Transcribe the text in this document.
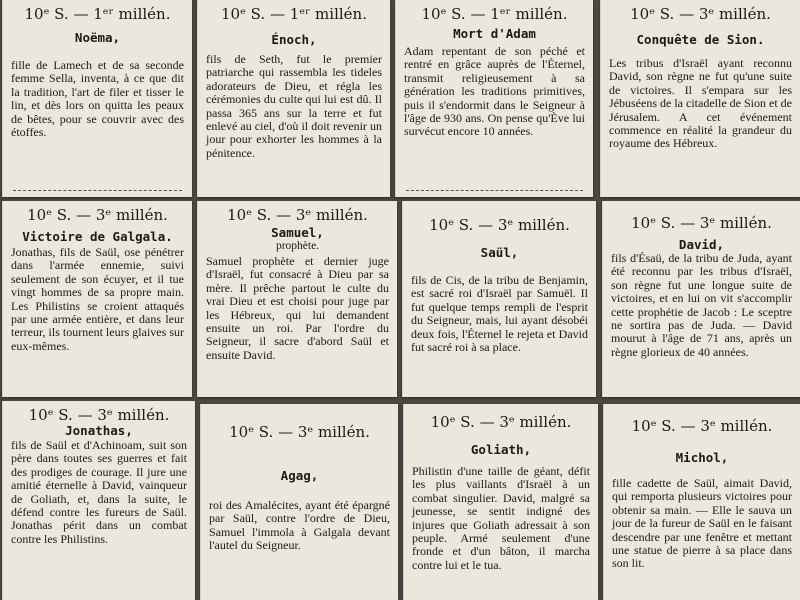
10ᵉ S. — 1ᵉʳ millén.
Noëma,
fille de Lamech et de sa seconde femme Sella, inventa, à ce que dit la tradition, l'art de filer et tisser le lin, et dès lors on quitta les peaux de bêtes, pour se couvrir avec des étoffes.
10ᵉ S. — 1ᵉʳ millén.
Énoch,
fils de Seth, fut le premier patriarche qui rassembla les tideles adorateurs de Dieu, et régla les cérémonies du culte qui lui est dû. Il passa 365 ans sur la terre et fut enlevé au ciel, d'où il doit revenir un jour pour exhorter les hommes à la pénitence.
10ᵉ S. — 1ᵉʳ millén.
Mort d'Adam
Adam repentant de son péché et rentré en grâce auprès de l'Éternel, transmit religieusement à sa génération les traditions primitives, puis il s'endormit dans le Seigneur à l'âge de 930 ans. On pense qu'Ève lui survécut encore 10 années.
10ᵉ S. — 3ᵉ millén.
Conquête de Sion.
Les tribus d'Israël ayant reconnu David, son règne ne fut qu'une suite de victoires. Il s'empara sur les Jébuséens de la citadelle de Sion et de Jérusalem. A cet événement commence en réalité la grandeur du royaume des Hébreux.
10ᵉ S. — 3ᵉ millén.
Victoire de Galgala.
Jonathas, fils de Saül, ose pénétrer dans l'armée ennemie, suivi seulement de son écuyer, et il tue vingt hommes de sa propre main. Les Philistins se croient attaqués par une armée entière, et dans leur terreur, ils tournent leurs glaives sur eux-mêmes.
10ᵉ S. — 3ᵉ millén.
Samuel,
prophète.
Samuel prophète et dernier juge d'Israël, fut consacré à Dieu par sa mère. Il prêche partout le culte du vrai Dieu et est choisi pour juge par les Hébreux, qui lui demandent ensuite un roi. Par l'ordre du Seigneur, il sacre d'abord Saül et ensuite David.
10ᵉ S. — 3ᵉ millén.
Saül,
fils de Cis, de la tribu de Benjamin, est sacré roi d'Israël par Samuël. Il fut quelque temps rempli de l'esprit du Seigneur, mais, lui ayant désobéi deux fois, l'Éternel le rejeta et David fut sacré roi à sa place.
10ᵉ S. — 3ᵉ millén.
David,
fils d'Ésaü, de la tribu de Juda, ayant été reconnu par les tribus d'Israël, son règne fut une longue suite de victoires, et en lui on vit s'accomplir cette prophétie de Jacob : Le sceptre ne sortira pas de Juda. — David mourut à l'âge de 71 ans, après un règne glorieux de 40 années.
10ᵉ S. — 3ᵉ millén.
Jonathas,
fils de Saül et d'Achinoam, suit son père dans toutes ses guerres et fait des prodiges de courage. Il jure une amitié éternelle à David, vainqueur de Goliath, et, dans la suite, le défend contre les fureurs de Saül. Jonathas périt dans un combat contre les Philistins.
10ᵉ S. — 3ᵉ millén.
Agag,
roi des Amalécites, ayant été épargné par Saül, contre l'ordre de Dieu, Samuel l'immola à Galgala devant l'autel du Seigneur.
10ᵉ S. — 3ᵉ millén.
Goliath,
Philistin d'une taille de géant, défit les plus vaillants d'Israël à un combat singulier. David, malgré sa jeunesse, se sentit indigné des injures que Goliath adressait à son peuple. Armé seulement d'une fronde et d'un bâton, il marcha contre lui et le tua.
10ᵉ S. — 3ᵉ millén.
Michol,
fille cadette de Saül, aimait David, qui remporta plusieurs victoires pour obtenir sa main. — Elle le sauva un jour de la fureur de Saül en le faisant descendre par une fenêtre et mettant une statue de pierre à sa place dans son lit.
